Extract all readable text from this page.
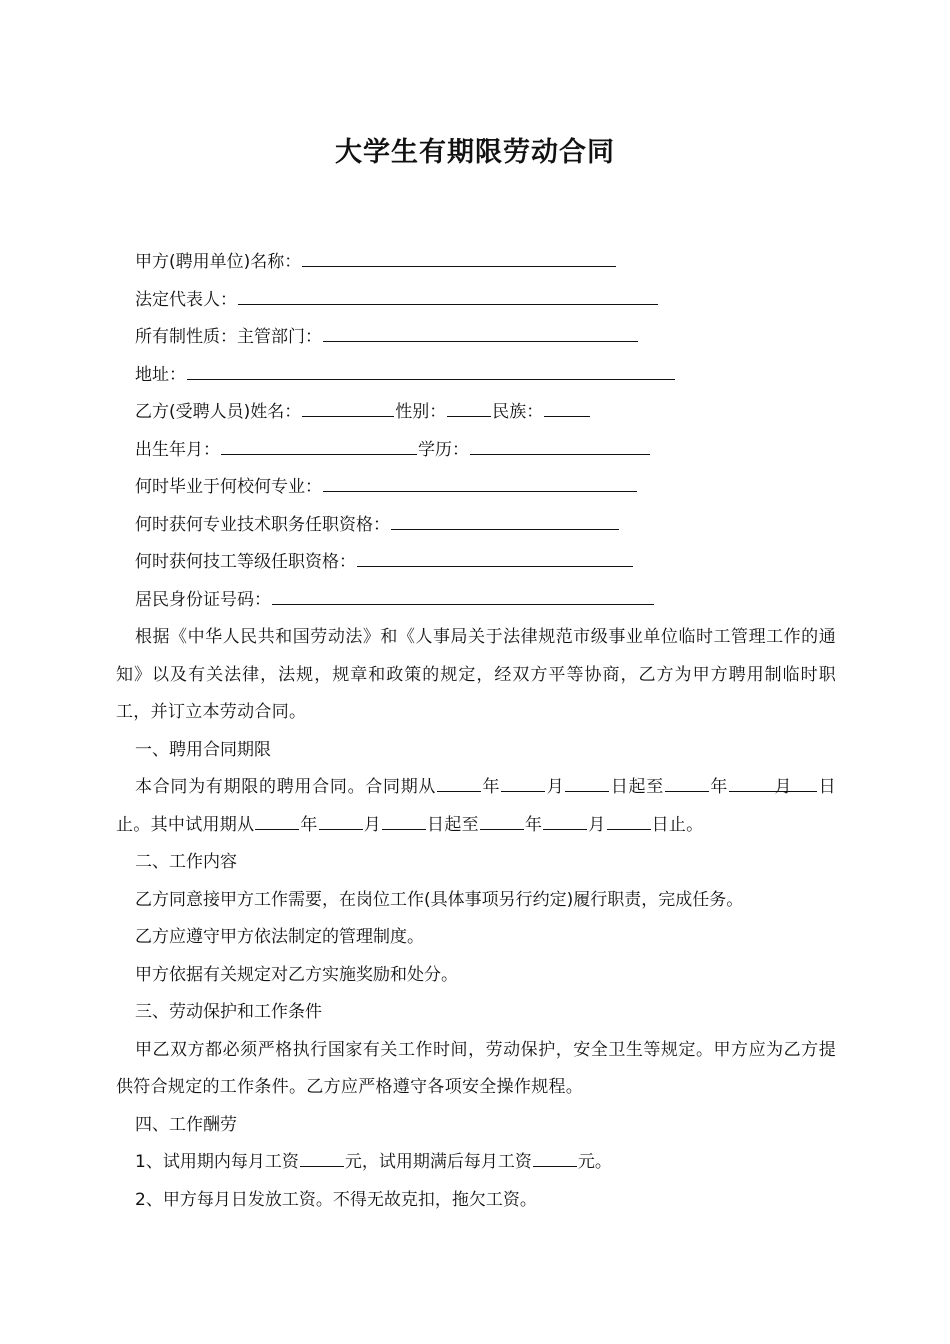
大学生有期限劳动合同
甲方(聘用单位)名称：
法定代表人：
所有制性质：主管部门：
地址：
乙方(受聘人员)姓名：	性别：	民族：
出生年月：	学历：
何时毕业于何校何专业：
何时获何专业技术职务任职资格：
何时获何技工等级任职资格：
居民身份证号码：
根据《中华人民共和国劳动法》和《人事局关于法律规范市级事业单位临时工管理工作的通知》以及有关法律，法规，规章和政策的规定，经双方平等协商，乙方为甲方聘用制临时职工，并订立本劳动合同。
一、聘用合同期限
本合同为有期限的聘用合同。合同期从	年	月	日起至	年	月 日止。其中试用期从	年	月	日起至	年	月	日止。
二、工作内容
乙方同意接甲方工作需要，在岗位工作(具体事项另行约定)履行职责，完成任务。
乙方应遵守甲方依法制定的管理制度。
甲方依据有关规定对乙方实施奖励和处分。
三、劳动保护和工作条件
甲乙双方都必须严格执行国家有关工作时间，劳动保护，安全卫生等规定。甲方应为乙方提供符合规定的工作条件。乙方应严格遵守各项安全操作规程。
四、工作酬劳
1、试用期内每月工资	元，试用期满后每月工资	元。
2、甲方每月日发放工资。不得无故克扣，拖欠工资。
